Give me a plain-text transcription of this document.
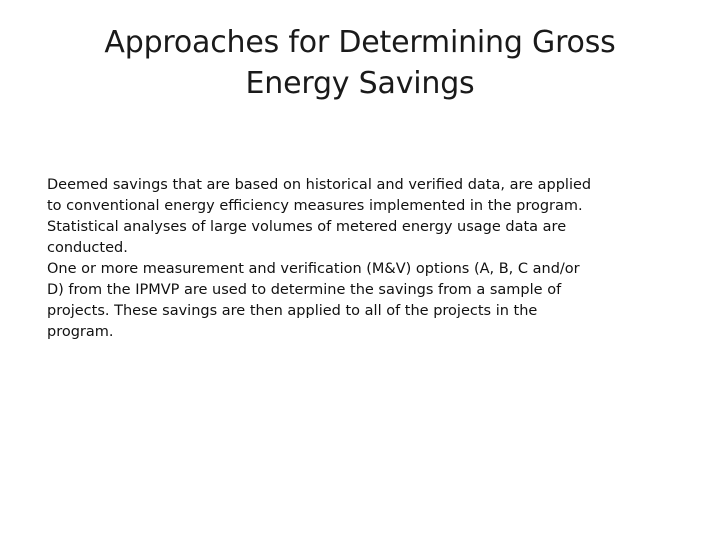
Approaches for Determining Gross
Energy Savings

Deemed savings that are based on historical and verified data, are applied
to conventional energy efficiency measures implemented in the program.

Statistical analyses of large volumes of metered energy usage data are
conducted.

One or more measurement and verification (M&V) options (A, B, C and/or
D) from the IPMVP are used to determine the savings from a sample of
projects. These savings are then applied to all of the projects in the
program.
